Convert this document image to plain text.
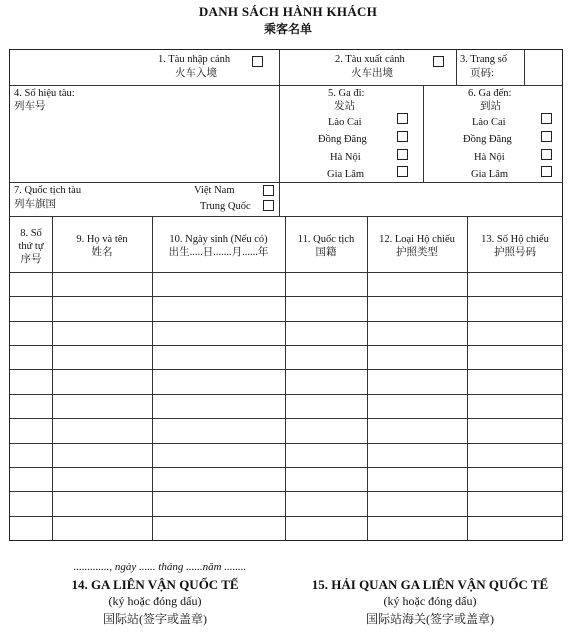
DANH SÁCH HÀNH KHÁCH
乘客名单
1. Tàu nhập cảnh
火车入境
2. Tàu xuất cảnh
火车出境
3. Trang số
页码:
4. Số hiệu tàu:
列车号
5. Ga đi:
发站
Lào Cai
Đồng Đăng
Hà Nội
Gia Lâm
6. Ga đến:
到站
Lào Cai
Đồng Đăng
Hà Nội
Gia Lâm
7. Quốc tịch tàu
列车旗国
Việt Nam
Trung Quốc
8. Số
thứ tự
序号
9. Họ và tên
姓名
10. Ngày sinh (Nếu có)
出生.....日.......月......年
11. Quốc tịch
国籍
12. Loại Hộ chiếu
护照类型
13. Số Hộ chiếu
护照号码
............., ngày ...... tháng ......năm ........
14. GA LIÊN VẬN QUỐC TẾ
(ký hoặc đóng dấu)
国际站(签字或盖章)
15. HẢI QUAN GA LIÊN VẬN QUỐC TẾ
(ký hoặc đóng dấu)
国际站海关(签字或盖章)
